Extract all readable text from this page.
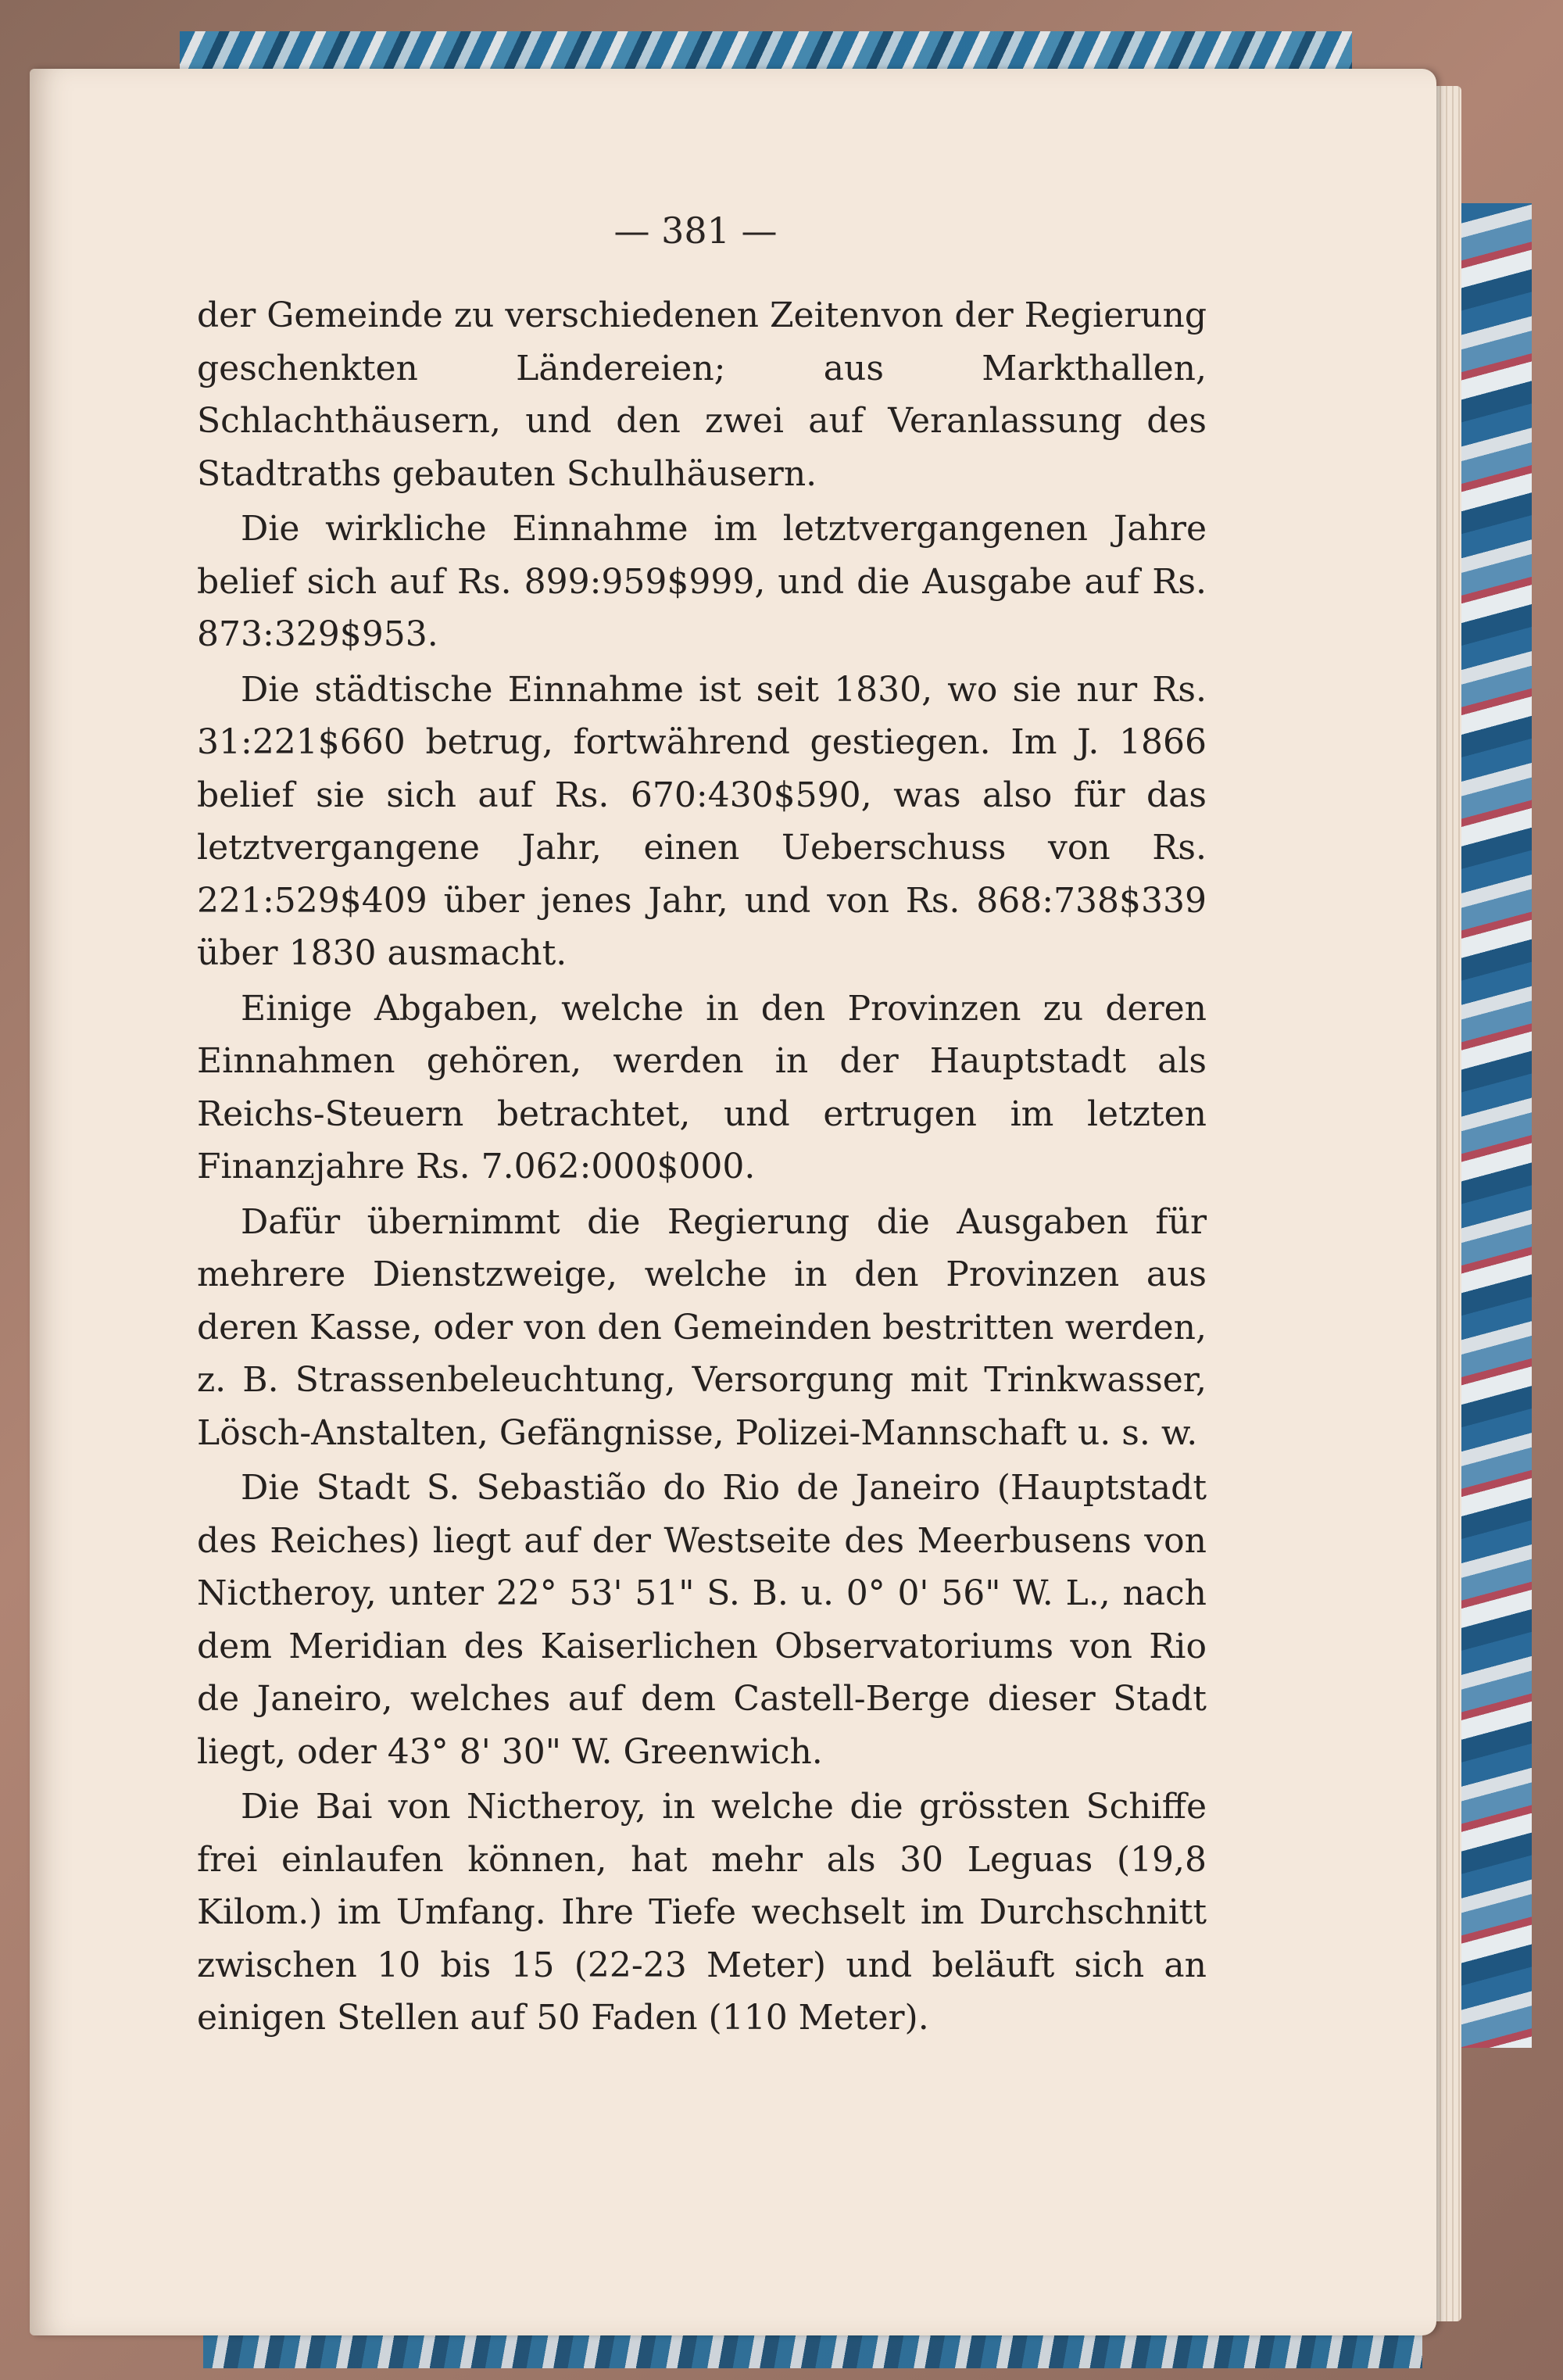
— 381 —

der Gemeinde zu verschiedenen Zeitenvon der Regierung geschenkten Ländereien; aus Markthallen, Schlachthäusern, und den zwei auf Veranlassung des Stadtraths gebauten Schulhäusern.

Die wirkliche Einnahme im letztvergangenen Jahre belief sich auf Rs. 899:959$999, und die Ausgabe auf Rs. 873:329$953.

Die städtische Einnahme ist seit 1830, wo sie nur Rs. 31:221$660 betrug, fortwährend gestiegen. Im J. 1866 belief sie sich auf Rs. 670:430$590, was also für das letztvergangene Jahr, einen Ueberschuss von Rs. 221:529$409 über jenes Jahr, und von Rs. 868:738$339 über 1830 ausmacht.

Einige Abgaben, welche in den Provinzen zu deren Einnahmen gehören, werden in der Hauptstadt als Reichs-Steuern betrachtet, und ertrugen im letzten Finanzjahre Rs. 7.062:000$000.

Dafür übernimmt die Regierung die Ausgaben für mehrere Dienstzweige, welche in den Provinzen aus deren Kasse, oder von den Gemeinden bestritten werden, z. B. Strassenbeleuchtung, Versorgung mit Trinkwasser, Lösch-Anstalten, Gefängnisse, Polizei-Mannschaft u. s. w.

Die Stadt S. Sebastião do Rio de Janeiro (Hauptstadt des Reiches) liegt auf der Westseite des Meerbusens von Nictheroy, unter 22° 53' 51" S. B. u. 0° 0' 56" W. L., nach dem Meridian des Kaiserlichen Observatoriums von Rio de Janeiro, welches auf dem Castell-Berge dieser Stadt liegt, oder 43° 8' 30" W. Greenwich.

Die Bai von Nictheroy, in welche die grössten Schiffe frei einlaufen können, hat mehr als 30 Leguas (19,8 Kilom.) im Umfang. Ihre Tiefe wechselt im Durchschnitt zwischen 10 bis 15 (22-23 Meter) und beläuft sich an einigen Stellen auf 50 Faden (110 Meter).
